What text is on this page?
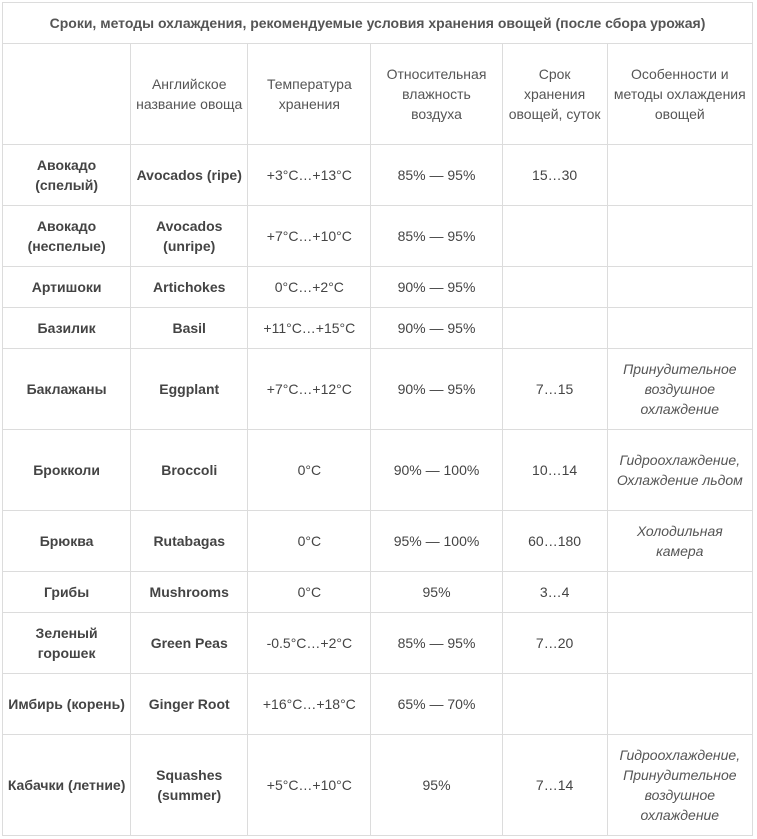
Сроки, методы охлаждения, рекомендуемые условия хранения овощей (после сбора урожая)					
	Английское название овоща	Температура хранения	Относительная влажность воздуха	Срок хранения овощей, суток	Особенности и методы охлаждения овощей
Авокадо (спелый)	Avocados (ripe)	+3°C…+13°C	85% — 95%	15…30	
Авокадо (неспелые)	Avocados (unripe)	+7°C…+10°C	85% — 95%		
Артишоки	Artichokes	0°C…+2°C	90% — 95%		
Базилик	Basil	+11°C…+15°C	90% — 95%		
Баклажаны	Eggplant	+7°C…+12°C	90% — 95%	7…15	Принудительное воздушное охлаждение
Брокколи	Broccoli	0°C	90% — 100%	10…14	Гидроохлаждение, Охлаждение льдом
Брюква	Rutabagas	0°C	95% — 100%	60…180	Холодильная камера
Грибы	Mushrooms	0°C	95%	3…4	
Зеленый горошек	Green Peas	-0.5°C…+2°C	85% — 95%	7…20	
Имбирь (корень)	Ginger Root	+16°C…+18°C	65% — 70%		
Кабачки (летние)	Squashes (summer)	+5°C…+10°C	95%	7…14	Гидроохлаждение, Принудительное воздушное охлаждение
